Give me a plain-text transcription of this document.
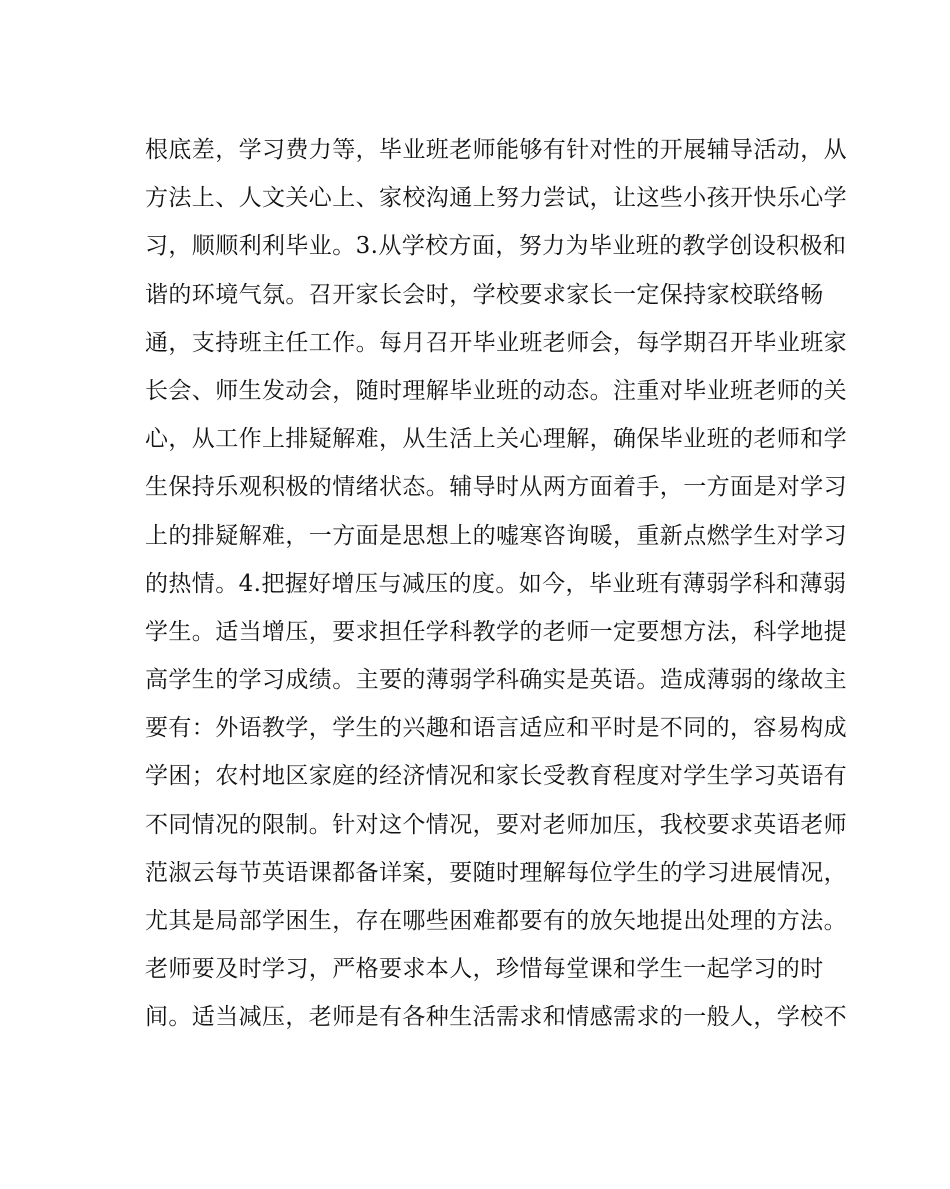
根底差，学习费力等，毕业班老师能够有针对性的开展辅导活动，从
方法上、人文关心上、家校沟通上努力尝试，让这些小孩开快乐心学
习，顺顺利利毕业。3.从学校方面，努力为毕业班的教学创设积极和
谐的环境气氛。召开家长会时，学校要求家长一定保持家校联络畅
通，支持班主任工作。每月召开毕业班老师会，每学期召开毕业班家
长会、师生发动会，随时理解毕业班的动态。注重对毕业班老师的关
心，从工作上排疑解难，从生活上关心理解，确保毕业班的老师和学
生保持乐观积极的情绪状态。辅导时从两方面着手，一方面是对学习
上的排疑解难，一方面是思想上的嘘寒咨询暖，重新点燃学生对学习
的热情。4.把握好增压与减压的度。如今，毕业班有薄弱学科和薄弱
学生。适当增压，要求担任学科教学的老师一定要想方法，科学地提
高学生的学习成绩。主要的薄弱学科确实是英语。造成薄弱的缘故主
要有：外语教学，学生的兴趣和语言适应和平时是不同的，容易构成
学困；农村地区家庭的经济情况和家长受教育程度对学生学习英语有
不同情况的限制。针对这个情况，要对老师加压，我校要求英语老师
范淑云每节英语课都备详案，要随时理解每位学生的学习进展情况，
尤其是局部学困生，存在哪些困难都要有的放矢地提出处理的方法。
老师要及时学习，严格要求本人，珍惜每堂课和学生一起学习的时
间。适当减压，老师是有各种生活需求和情感需求的一般人，学校不
